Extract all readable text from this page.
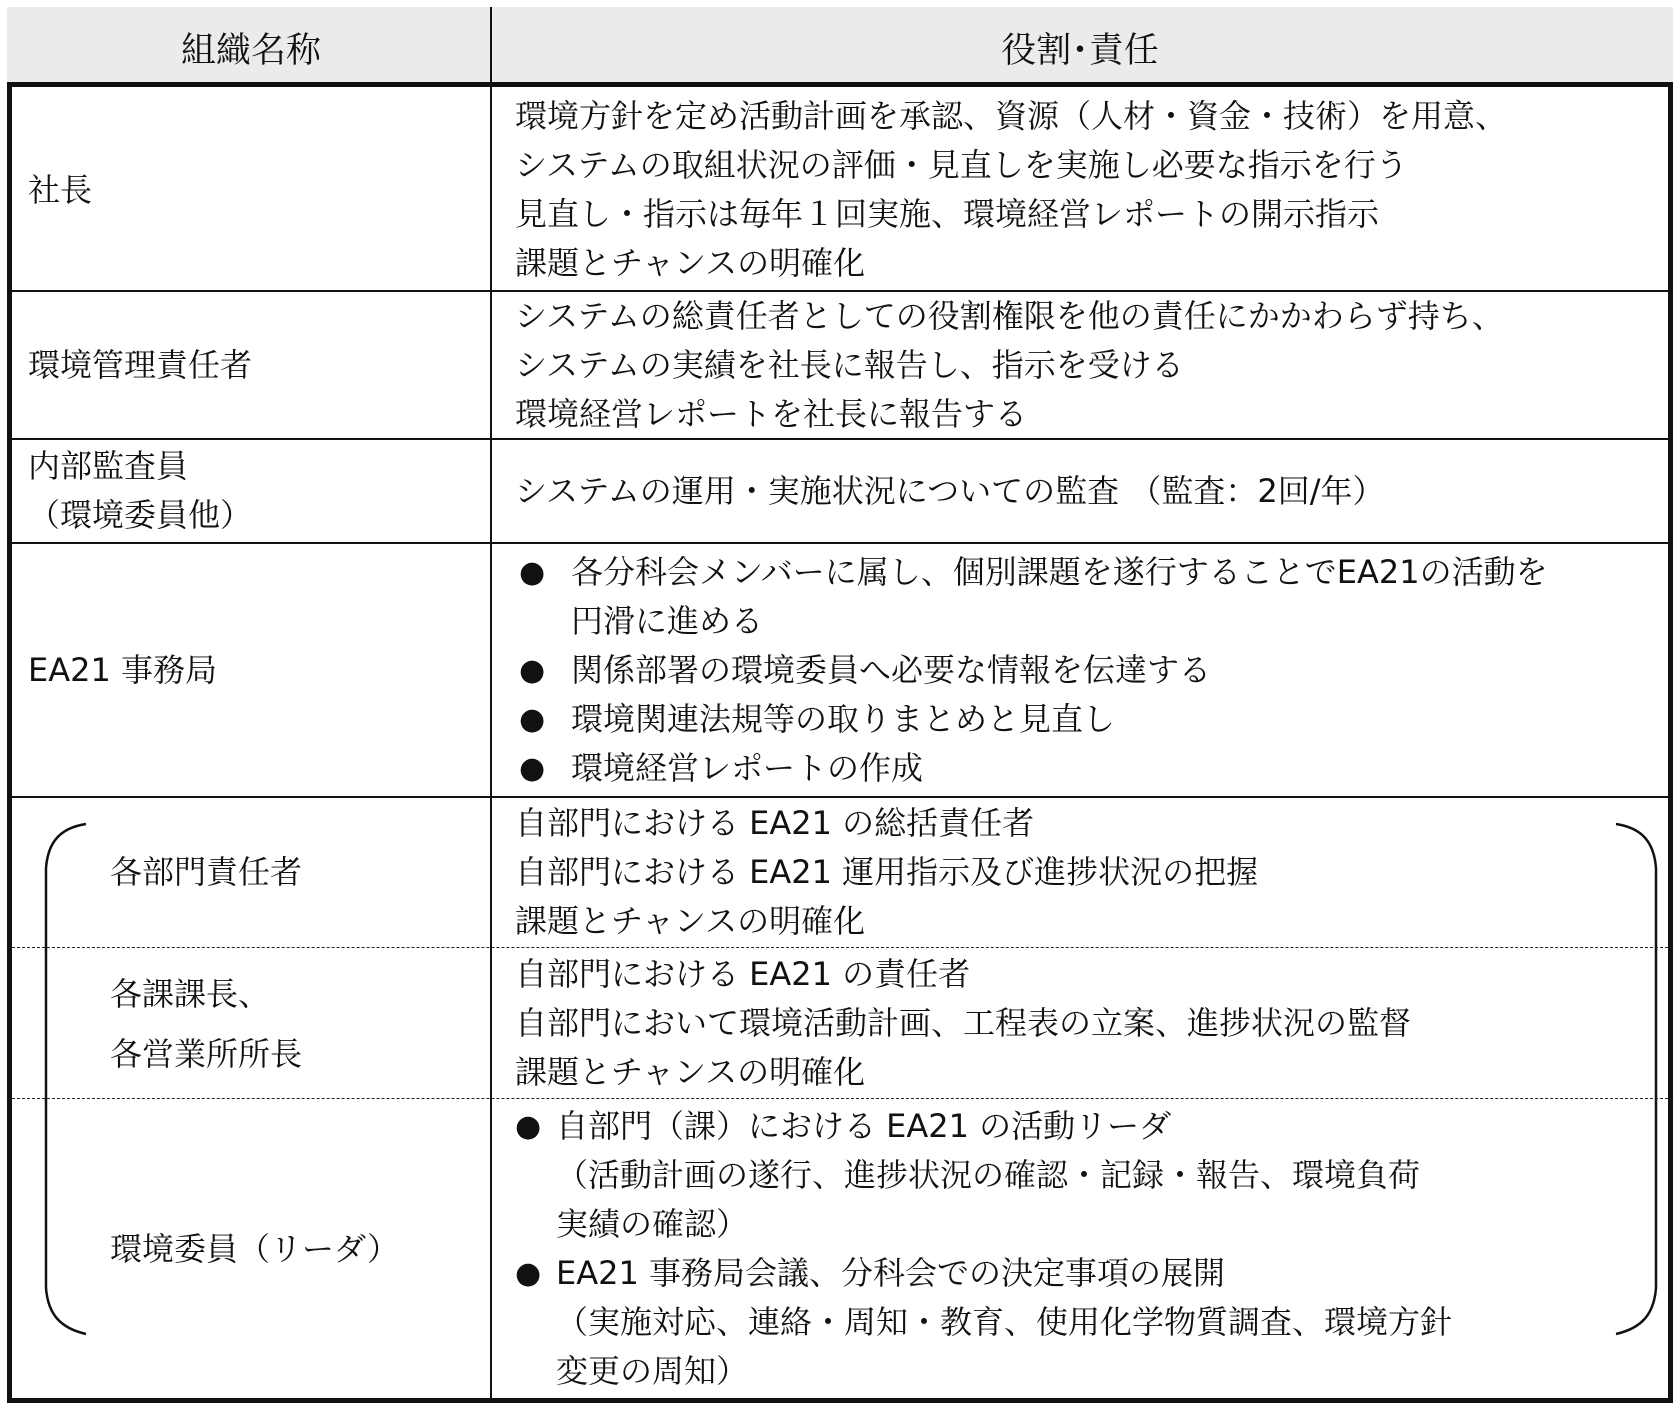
組織名称	役割･責任
社長
環境方針を定め活動計画を承認、資源（人材・資金・技術）を用意、
システムの取組状況の評価・見直しを実施し必要な指示を行う
見直し・指示は毎年１回実施、環境経営レポートの開示指示
課題とチャンスの明確化
環境管理責任者
システムの総責任者としての役割権限を他の責任にかかわらず持ち、
システムの実績を社長に報告し、指示を受ける
環境経営レポートを社長に報告する
内部監査員
（環境委員他）
システムの運用・実施状況についての監査 （監査：2回/年）
EA21 事務局
● 各分科会メンバーに属し、個別課題を遂行することでEA21の活動を
円滑に進める
● 関係部署の環境委員へ必要な情報を伝達する
● 環境関連法規等の取りまとめと見直し
● 環境経営レポートの作成
各部門責任者
自部門における EA21 の総括責任者
自部門における EA21 運用指示及び進捗状況の把握
課題とチャンスの明確化
各課課長、
各営業所所長
自部門における EA21 の責任者
自部門において環境活動計画、工程表の立案、進捗状況の監督
課題とチャンスの明確化
環境委員（リーダ）
● 自部門（課）における EA21 の活動リーダ
（活動計画の遂行、進捗状況の確認・記録・報告、環境負荷
実績の確認）
● EA21 事務局会議、分科会での決定事項の展開
（実施対応、連絡・周知・教育、使用化学物質調査、環境方針
変更の周知）
